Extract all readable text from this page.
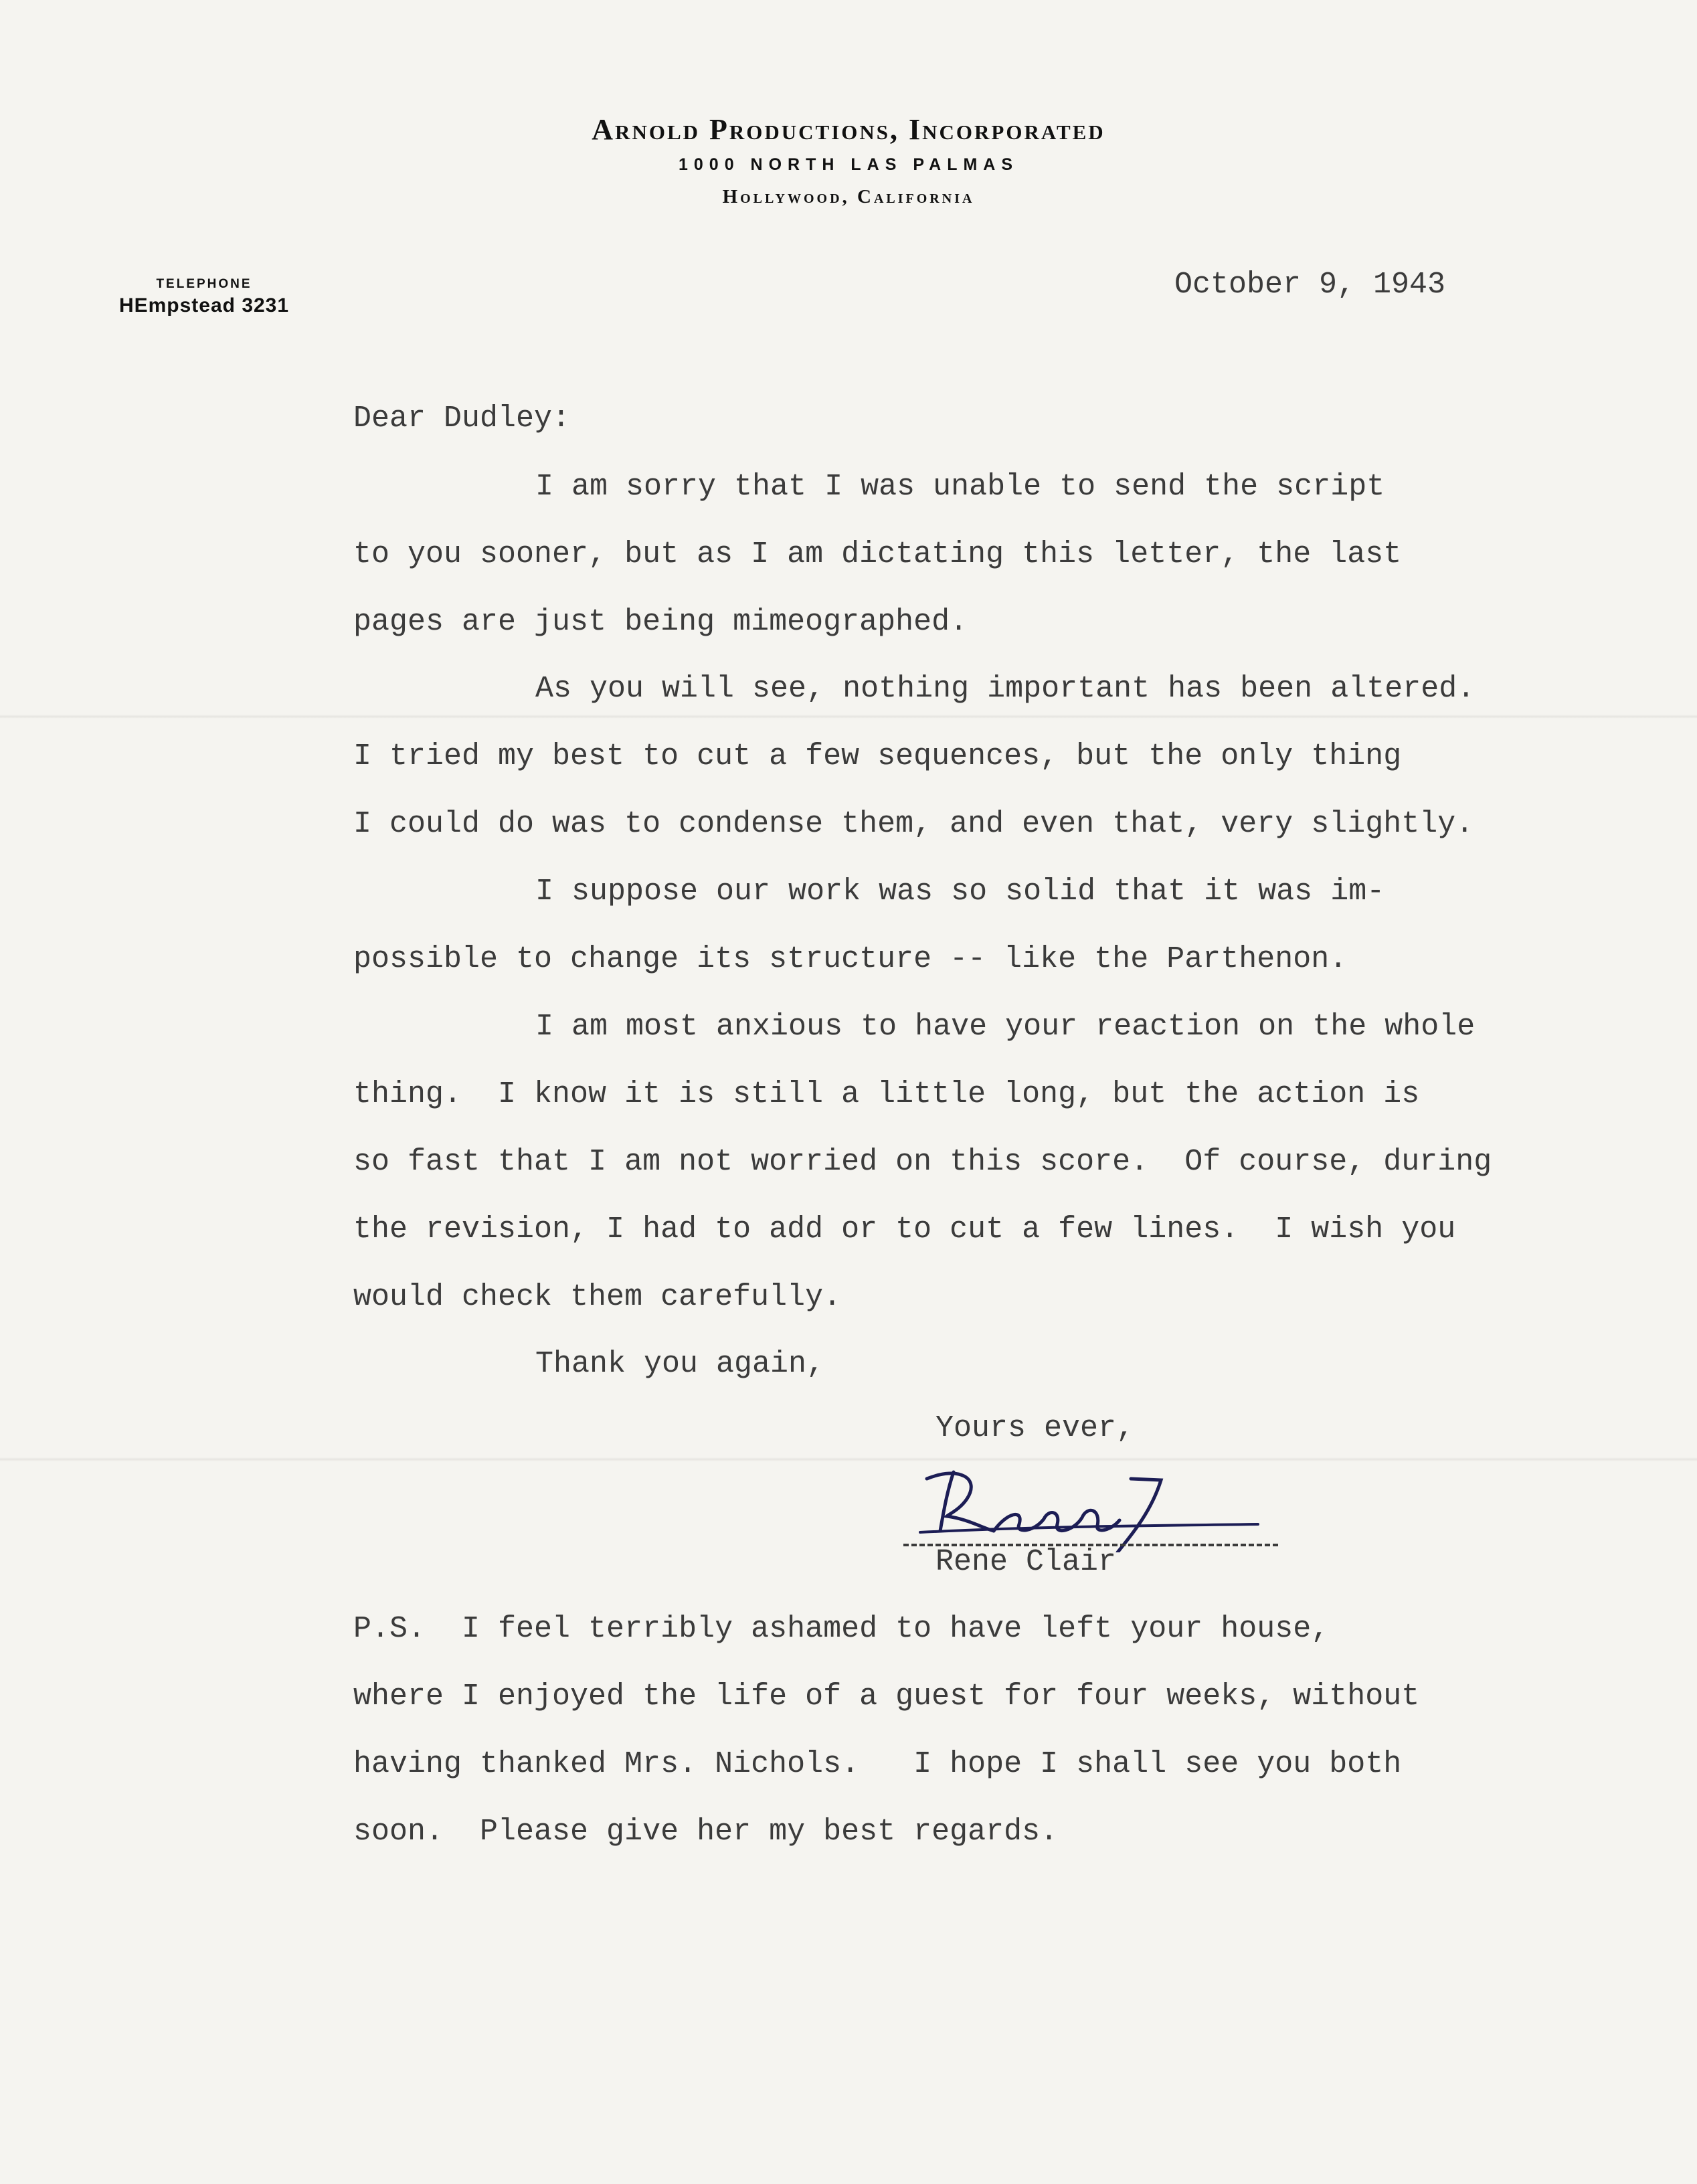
Arnold Productions, Incorporated
1000 NORTH LAS PALMAS
Hollywood, California
TELEPHONE
HEmpstead 3231
October 9, 1943
Dear Dudley:
I am sorry that I was unable to send the script
to you sooner, but as I am dictating this letter, the last
pages are just being mimeographed.
As you will see, nothing important has been altered.
I tried my best to cut a few sequences, but the only thing
I could do was to condense them, and even that, very slightly.
I suppose our work was so solid that it was im-
possible to change its structure -- like the Parthenon.
I am most anxious to have your reaction on the whole
thing.  I know it is still a little long, but the action is
so fast that I am not worried on this score.  Of course, during
the revision, I had to add or to cut a few lines.  I wish you
would check them carefully.
Thank you again,
Yours ever,
Rene Clair
P.S.  I feel terribly ashamed to have left your house,
where I enjoyed the life of a guest for four weeks, without
having thanked Mrs. Nichols.   I hope I shall see you both
soon.  Please give her my best regards.
